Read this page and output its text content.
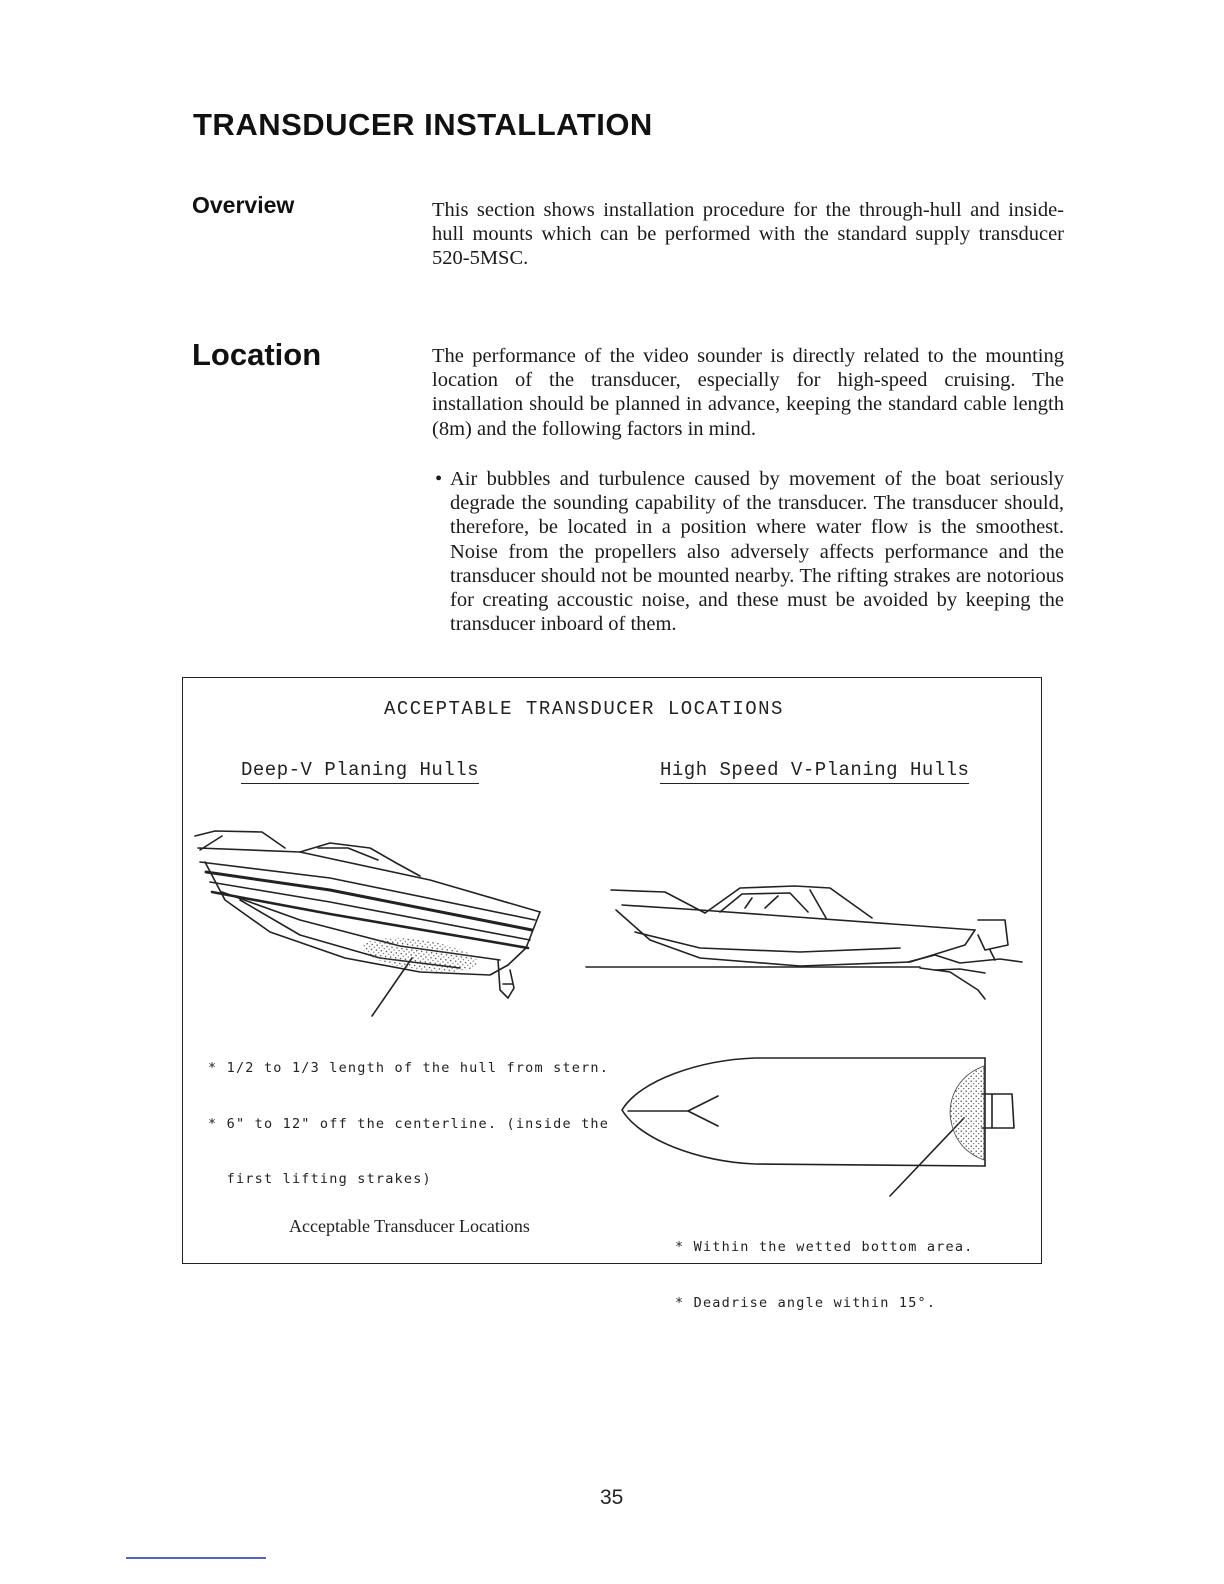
TRANSDUCER INSTALLATION
Overview	This section shows installation procedure for the through-hull and inside-hull mounts which can be performed with the standard supply transducer 520-5MSC.
Location	The performance of the video sounder is directly related to the mounting location of the transducer, especially for high-speed cruising. The installation should be planned in advance, keeping the standard cable length (8m) and the following factors in mind.
• Air bubbles and turbulence caused by movement of the boat seriously degrade the sounding capability of the transducer. The transducer should, therefore, be located in a position where water flow is the smoothest. Noise from the propellers also adversely affects performance and the transducer should not be mounted nearby. The rifting strakes are notorious for creating accoustic noise, and these must be avoided by keeping the transducer inboard of them.
ACCEPTABLE TRANSDUCER LOCATIONS
Deep-V Planing Hulls	High Speed V-Planing Hulls

* 1/2 to 1/3 length of the hull from stern.

* 6" to 12" off the centerline. (inside the

first lifting strakes)

* Within the wetted bottom area.

* Deadrise angle within 15°.

Acceptable Transducer Locations
35
